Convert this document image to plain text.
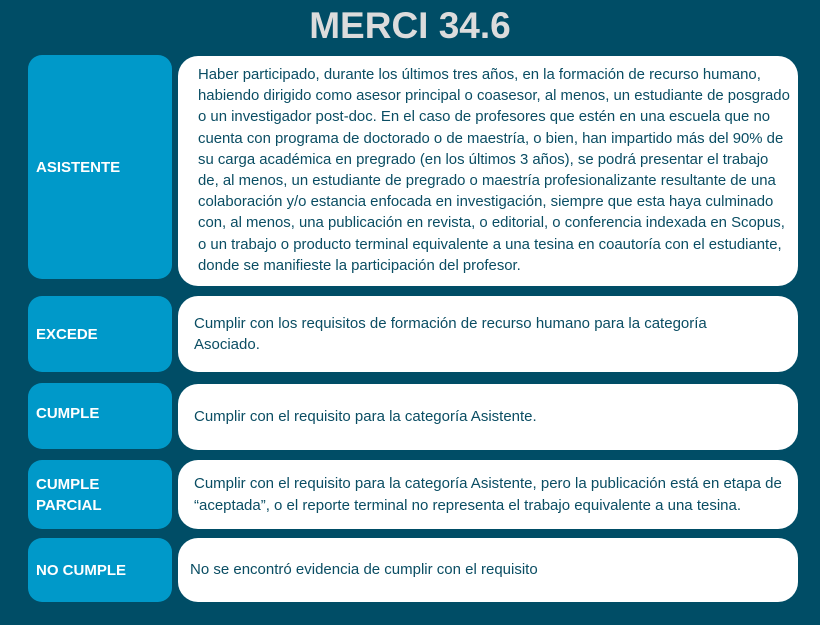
MERCI 34.6
ASISTENTE
Haber participado, durante los últimos tres años, en la formación de recurso humano, habiendo dirigido como asesor principal o coasesor, al menos, un estudiante de posgrado o un investigador post-doc. En el caso de profesores que estén en una escuela que no cuenta con programa de doctorado o de maestría, o bien, han impartido más del 90% de su carga académica en pregrado (en los últimos 3 años), se podrá presentar el trabajo de, al menos, un estudiante de pregrado o maestría profesionalizante resultante de una colaboración y/o estancia enfocada en investigación, siempre que esta haya culminado con, al menos, una publicación en revista, o editorial, o conferencia indexada en Scopus, o un trabajo o producto terminal equivalente a una tesina en coautoría con el estudiante, donde se manifieste la participación del profesor.
EXCEDE
Cumplir con los requisitos de formación de recurso humano para la categoría Asociado.
CUMPLE	Cumplir con el requisito para la categoría Asistente.
CUMPLE PARCIAL
Cumplir con el requisito para la categoría Asistente, pero la publicación está en etapa de “aceptada”, o el reporte terminal no representa el trabajo equivalente a una tesina.
NO CUMPLE	No se encontró evidencia de cumplir con el requisito
